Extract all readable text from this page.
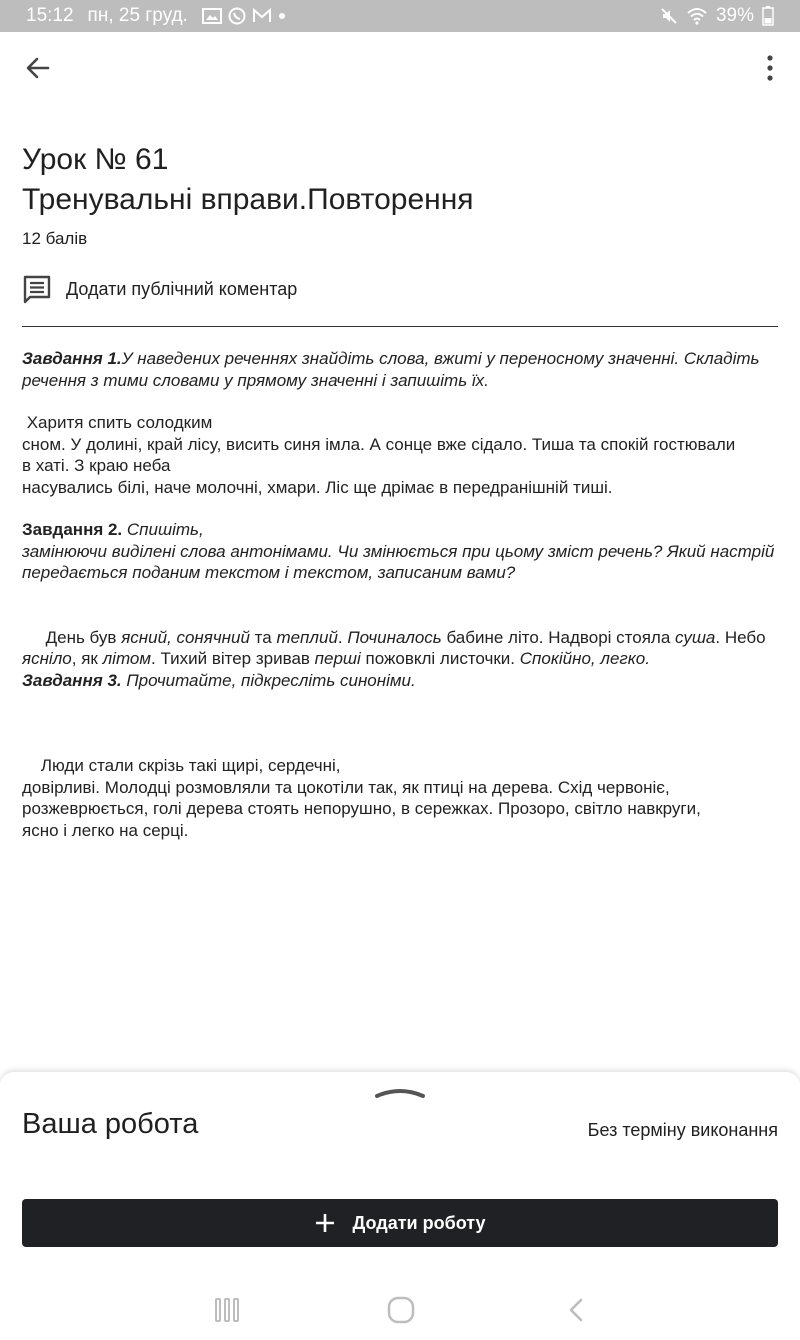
15:12 пн, 25 груд.	39%
Урок № 61
Тренувальні вправи.Повторення
12 балів
Додати публічний коментар

Завдання 1.У наведених реченнях знайдіть слова, вжиті у переносному значенні. Складіть

речення з тими словами у прямому значенні і запишіть їх.

Харитя спить солодким

сном. У долині, край лісу, висить синя імла. А сонце вже сідало. Тиша та спокій гостювали в хаті. З краю неба

насувались білі, наче молочні, хмари. Ліс ще дрімає в передранішній тиші.

Завдання 2. Спишіть,

замінюючи виділені слова антонімами. Чи змінюється при цьому зміст речень? Який настрій передається поданим текстом і текстом, записаним вами?

День був ясний, сонячний та теплий. Починалось бабине літо. Надворі стояла суша. Небо ясніло, як літом. Тихий вітер зривав перші пожовклі листочки. Спокійно, легко.

Завдання 3. Прочитайте, підкресліть синоніми.

Люди стали скрізь такі щирі, сердечні,

довірливі. Молодці розмовляли та цокотіли так, як птиці на дерева. Схід червоніє, розжеврюється, голі дерева стоять непорушно, в сережках. Прозоро, світло навкруги, ясно і легко на серці.

Ваша робота	Без терміну виконання
Додати роботу
